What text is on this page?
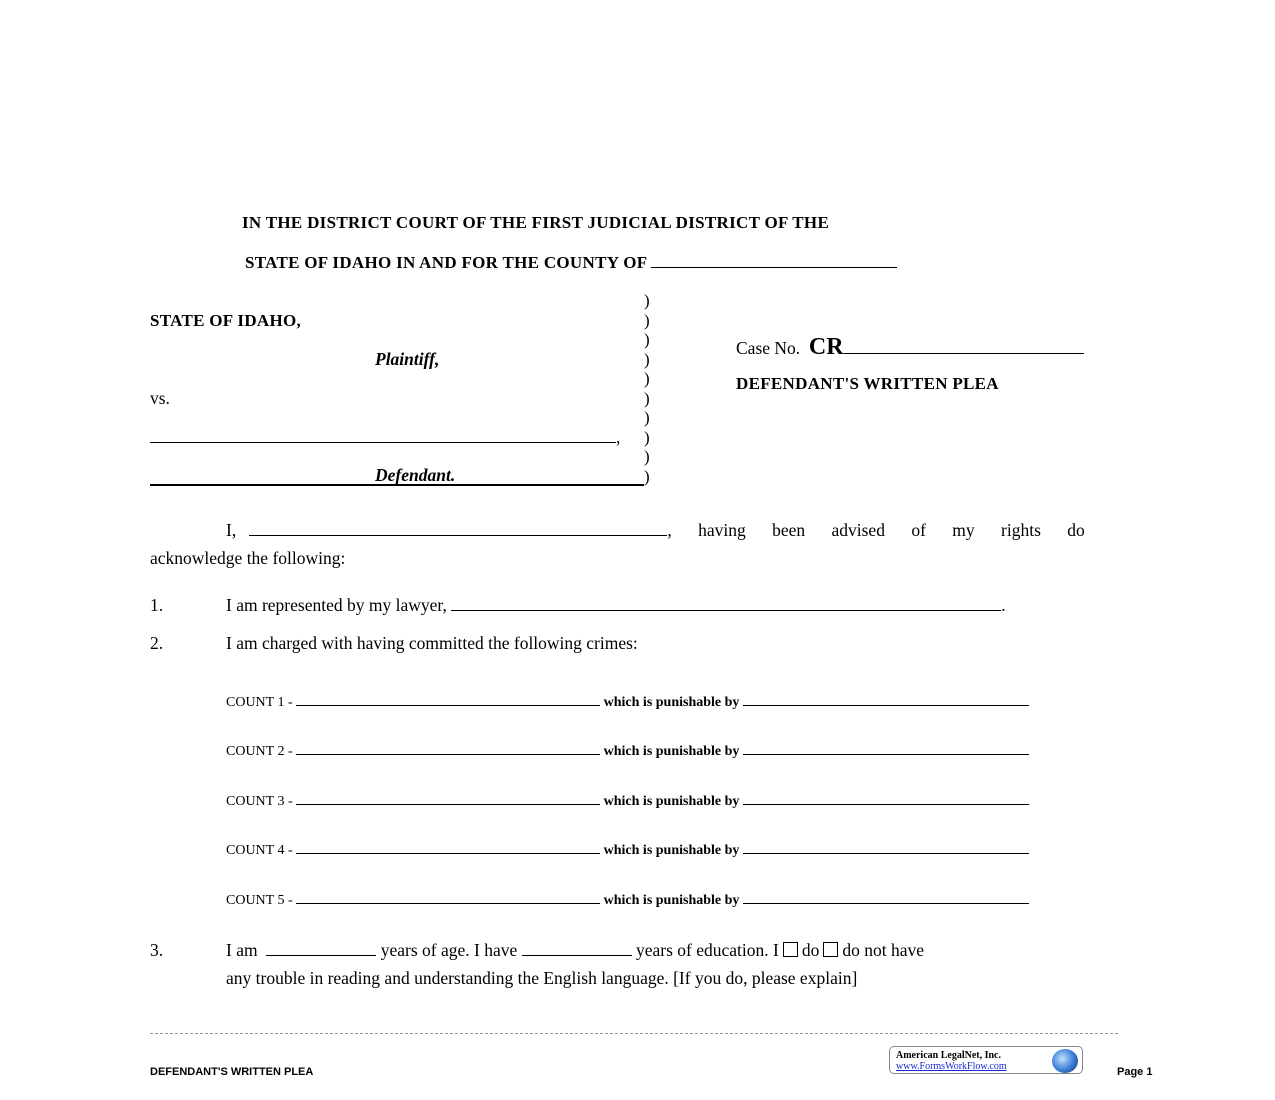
IN THE DISTRICT COURT OF THE FIRST JUDICIAL DISTRICT OF THE
STATE OF IDAHO IN AND FOR THE COUNTY OF
STATE OF IDAHO,
Plaintiff,
vs.
,
Defendant.
)
)
)
)
)
)
)
)
)
)
Case No. CR
DEFENDANT'S WRITTEN PLEA
I,	, having been advised of my rights do
acknowledge the following:
1.	I am represented by my lawyer,	.
2.	I am charged with having committed the following crimes:
COUNT 1 -	which is punishable by
COUNT 2 -	which is punishable by
COUNT 3 -	which is punishable by
COUNT 4 -	which is punishable by
COUNT 5 -	which is punishable by
3.	I am	years of age. I have	years of education. I do do not have
any trouble in reading and understanding the English language. [If you do, please explain]
DEFENDANT'S WRITTEN PLEA
American LegalNet, Inc.
www.FormsWorkFlow.com	Page 1
